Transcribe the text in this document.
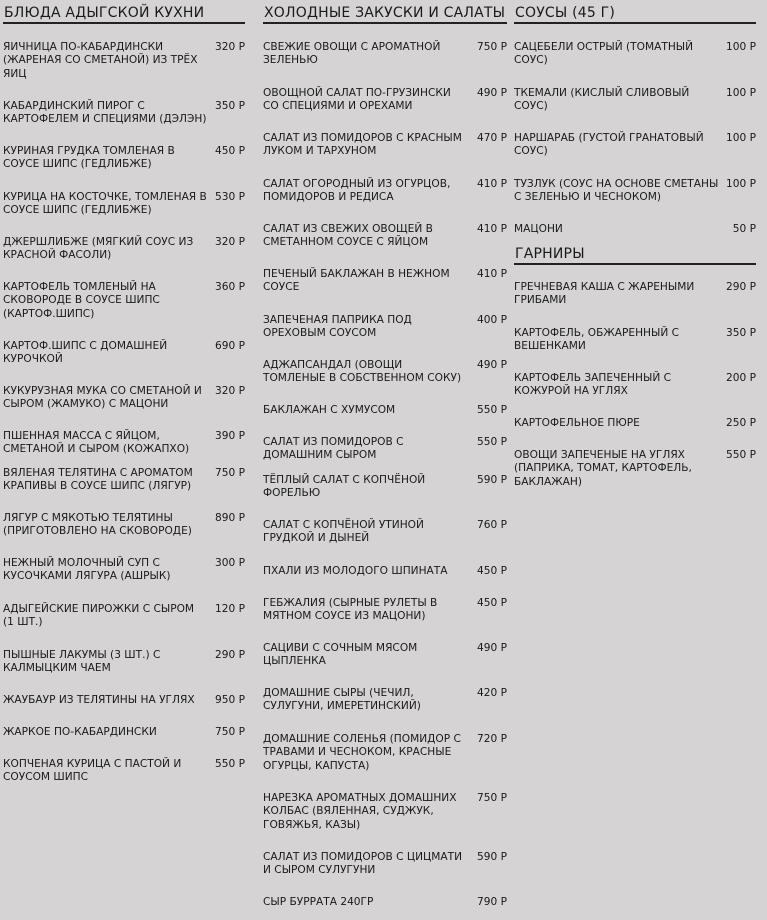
БЛЮДА АДЫГСКОЙ КУХНИ
ЯИЧНИЦА ПО-КАБАРДИНСКИ (ЖАРЕНАЯ СО СМЕТАНОЙ) ИЗ ТРЁХ ЯИЦ
320 Р
КАБАРДИНСКИЙ ПИРОГ С КАРТОФЕЛЕМ И СПЕЦИЯМИ (ДЭЛЭН)
350 Р
КУРИНАЯ ГРУДКА ТОМЛЕНАЯ В СОУСЕ ШИПС (ГЕДЛИБЖЕ)
450 Р
КУРИЦА НА КОСТОЧКЕ, ТОМЛЕНАЯ В СОУСЕ ШИПС (ГЕДЛИБЖЕ)
530 Р
ДЖЕРШЛИБЖЕ (МЯГКИЙ СОУС ИЗ КРАСНОЙ ФАСОЛИ)
320 Р
КАРТОФЕЛЬ ТОМЛЕНЫЙ НА СКОВОРОДЕ В СОУСЕ ШИПС (КАРТОФ.ШИПС)
360 Р
КАРТОФ.ШИПС С ДОМАШНЕЙ КУРОЧКОЙ
690 Р
КУКУРУЗНАЯ МУКА СО СМЕТАНОЙ И СЫРОМ (ЖАМУКО) С МАЦОНИ
320 Р
ПШЕННАЯ МАССА С ЯЙЦОМ, СМЕТАНОЙ И СЫРОМ (КОЖАПХО)
390 Р
ВЯЛЕНАЯ ТЕЛЯТИНА С АРОМАТОМ КРАПИВЫ В СОУСЕ ШИПС (ЛЯГУР)
750 Р
ЛЯГУР С МЯКОТЬЮ ТЕЛЯТИНЫ (ПРИГОТОВЛЕНО НА СКОВОРОДЕ)
890 Р
НЕЖНЫЙ МОЛОЧНЫЙ СУП С КУСОЧКАМИ ЛЯГУРА (АШРЫК)
300 Р
АДЫГЕЙСКИЕ ПИРОЖКИ С СЫРОМ (1 ШТ.)
120 Р
ПЫШНЫЕ ЛАКУМЫ (3 ШТ.) С КАЛМЫЦКИМ ЧАЕМ
290 Р
ЖАУБАУР ИЗ ТЕЛЯТИНЫ НА УГЛЯХ	950 Р
ЖАРКОЕ ПО-КАБАРДИНСКИ	750 Р
КОПЧЕНАЯ КУРИЦА С ПАСТОЙ И СОУСОМ ШИПС
550 Р
ХОЛОДНЫЕ ЗАКУСКИ И САЛАТЫ
СВЕЖИЕ ОВОЩИ С АРОМАТНОЙ ЗЕЛЕНЬЮ
750 Р
ОВОЩНОЙ САЛАТ ПО-ГРУЗИНСКИ СО СПЕЦИЯМИ И ОРЕХАМИ
490 Р
САЛАТ ИЗ ПОМИДОРОВ С КРАСНЫМ ЛУКОМ И ТАРХУНОМ
470 Р
САЛАТ ОГОРОДНЫЙ ИЗ ОГУРЦОВ, ПОМИДОРОВ И РЕДИСА
410 Р
САЛАТ ИЗ СВЕЖИХ ОВОЩЕЙ В СМЕТАННОМ СОУСЕ С ЯЙЦОМ
410 Р
ПЕЧЕНЫЙ БАКЛАЖАН В НЕЖНОМ СОУСЕ
410 Р
ЗАПЕЧЕНАЯ ПАПРИКА ПОД ОРЕХОВЫМ СОУСОМ
400 Р
АДЖАПСАНДАЛ (ОВОЩИ ТОМЛЕНЫЕ В СОБСТВЕННОМ СОКУ)
490 Р
БАКЛАЖАН С ХУМУСОМ	550 Р
САЛАТ ИЗ ПОМИДОРОВ С ДОМАШНИМ СЫРОМ
550 Р
ТЁПЛЫЙ САЛАТ С КОПЧЁНОЙ ФОРЕЛЬЮ
590 Р
САЛАТ С КОПЧЁНОЙ УТИНОЙ ГРУДКОЙ И ДЫНЕЙ
760 Р
ПХАЛИ ИЗ МОЛОДОГО ШПИНАТА	450 Р
ГЕБЖАЛИЯ (СЫРНЫЕ РУЛЕТЫ В МЯТНОМ СОУСЕ ИЗ МАЦОНИ)
450 Р
САЦИВИ С СОЧНЫМ МЯСОМ ЦЫПЛЕНКА
490 Р
ДОМАШНИЕ СЫРЫ (ЧЕЧИЛ, СУЛУГУНИ, ИМЕРЕТИНСКИЙ)
420 Р
ДОМАШНИЕ СОЛЕНЬЯ (ПОМИДОР С ТРАВАМИ И ЧЕСНОКОМ, КРАСНЫЕ ОГУРЦЫ, КАПУСТА)
720 Р
НАРЕЗКА АРОМАТНЫХ ДОМАШНИХ КОЛБАС (ВЯЛЕННАЯ, СУДЖУК, ГОВЯЖЬЯ, КАЗЫ)
750 Р
САЛАТ ИЗ ПОМИДОРОВ С ЦИЦМАТИ И СЫРОМ СУЛУГУНИ
590 Р
СЫР БУРРАТА 240ГР	790 Р
СОУСЫ (45 Г)
САЦЕБЕЛИ ОСТРЫЙ (ТОМАТНЫЙ СОУС)
100 Р
ТКЕМАЛИ (КИСЛЫЙ СЛИВОВЫЙ СОУС)
100 Р
НАРШАРАБ (ГУСТОЙ ГРАНАТОВЫЙ СОУС)
100 Р
ТУЗЛУК (СОУС НА ОСНОВЕ СМЕТАНЫ С ЗЕЛЕНЬЮ И ЧЕСНОКОМ)
100 Р
МАЦОНИ	50 Р
ГАРНИРЫ
ГРЕЧНЕВАЯ КАША С ЖАРЕНЫМИ ГРИБАМИ
290 Р
КАРТОФЕЛЬ, ОБЖАРЕННЫЙ С ВЕШЕНКАМИ
350 Р
КАРТОФЕЛЬ ЗАПЕЧЕННЫЙ С КОЖУРОЙ НА УГЛЯХ
200 Р
КАРТОФЕЛЬНОЕ ПЮРЕ	250 Р
ОВОЩИ ЗАПЕЧЕНЫЕ НА УГЛЯХ (ПАПРИКА, ТОМАТ, КАРТОФЕЛЬ, БАКЛАЖАН)
550 Р
